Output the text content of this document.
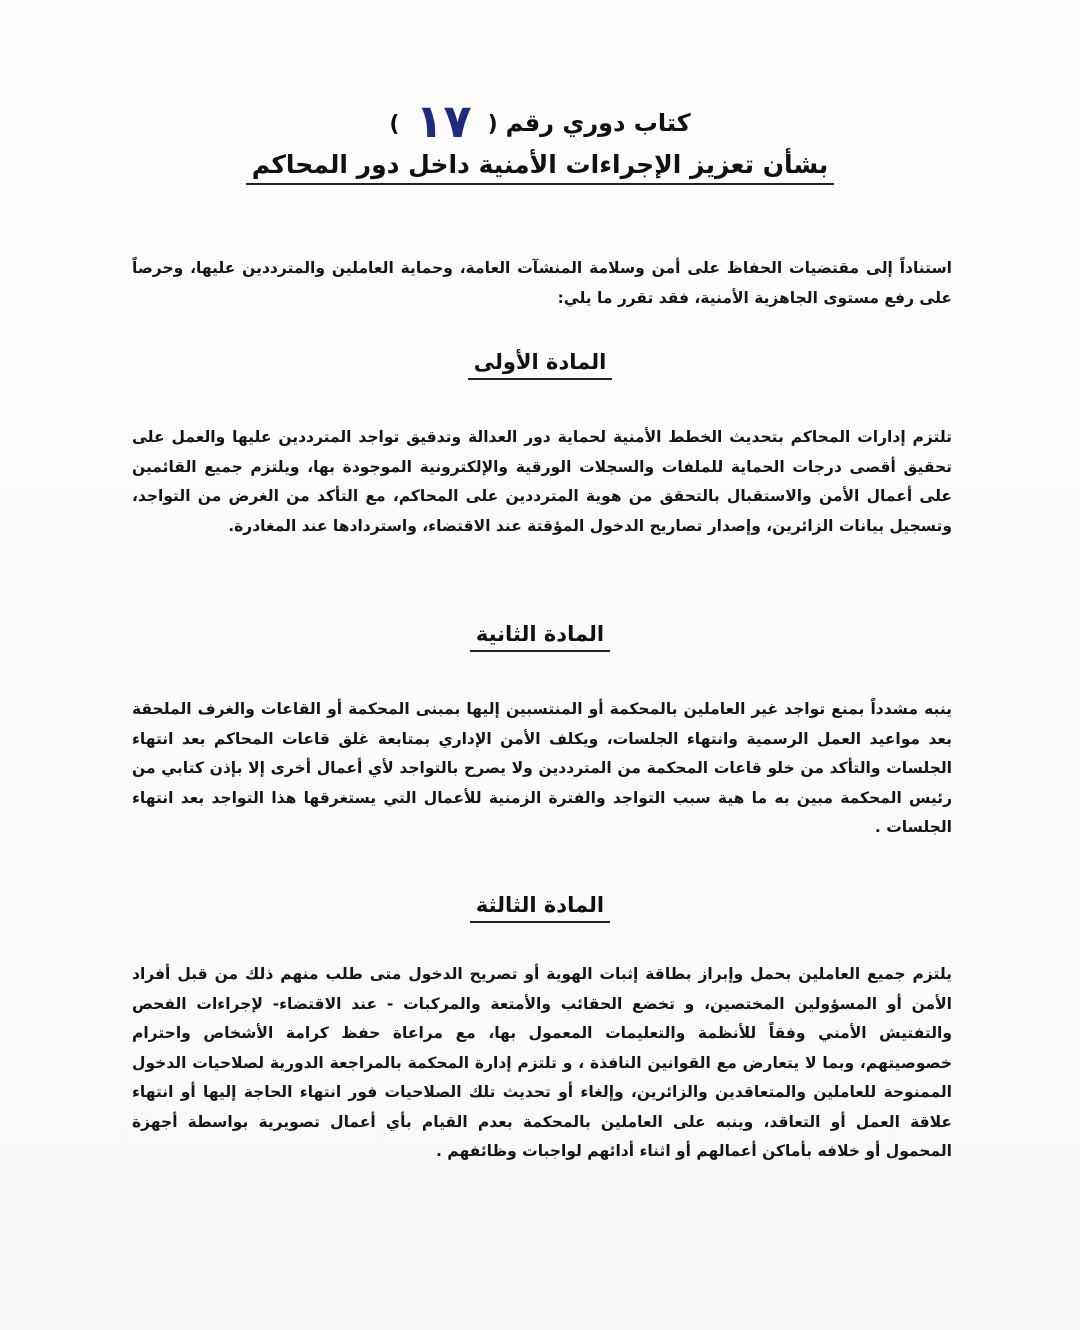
كتاب دوري رقم
(
١٧
)
بشأن تعزيز الإجراءات الأمنية داخل دور المحاكم

استناداً إلى مقتضيات الحفاظ على أمن وسلامة المنشآت العامة، وحماية العاملين والمترددين عليها، وحرصاً على رفع مستوى الجاهزية الأمنية، فقد تقرر ما يلي:

المادة الأولى

تلتزم إدارات المحاكم بتحديث الخطط الأمنية لحماية دور العدالة وتدقيق تواجد المترددين عليها والعمل على تحقيق أقصى درجات الحماية للملفات والسجلات الورقية والإلكترونية الموجودة بها، ويلتزم جميع القائمين على أعمال الأمن والاستقبال بالتحقق من هوية المترددين على المحاكم، مع التأكد من الغرض من التواجد، وتسجيل بيانات الزائرين، وإصدار تصاريح الدخول المؤقتة عند الاقتضاء، واستردادها عند المغادرة.

المادة الثانية

ينبه مشدداً بمنع تواجد غير العاملين بالمحكمة أو المنتسبين إليها بمبنى المحكمة أو القاعات والغرف الملحقة بعد مواعيد العمل الرسمية وانتهاء الجلسات، ويكلف الأمن الإداري بمتابعة غلق قاعات المحاكم بعد انتهاء الجلسات والتأكد من خلو قاعات المحكمة من المترددين ولا يصرح بالتواجد لأي أعمال أخرى إلا بإذن كتابي من رئيس المحكمة مبين به ما هية سبب التواجد والفترة الزمنية للأعمال التي يستغرقها هذا التواجد بعد انتهاء الجلسات .

المادة الثالثة

يلتزم جميع العاملين بحمل وإبراز بطاقة إثبات الهوية أو تصريح الدخول متى طلب منهم ذلك من قبل أفراد الأمن أو المسؤولين المختصين، و تخضع الحقائب والأمتعة والمركبات - عند الاقتضاء- لإجراءات الفحص والتفتيش الأمني وفقاً للأنظمة والتعليمات المعمول بها، مع مراعاة حفظ كرامة الأشخاص واحترام خصوصيتهم، وبما لا يتعارض مع القوانين النافذة ، و تلتزم إدارة المحكمة بالمراجعة الدورية لصلاحيات الدخول الممنوحة للعاملين والمتعاقدين والزائرين، وإلغاء أو تحديث تلك الصلاحيات فور انتهاء الحاجة إليها أو انتهاء علاقة العمل أو التعاقد، وينبه على العاملين بالمحكمة بعدم القيام بأي أعمال تصويرية بواسطة أجهزة المحمول أو خلافه بأماكن أعمالهم أو اثناء أدائهم لواجبات وظائفهم .
